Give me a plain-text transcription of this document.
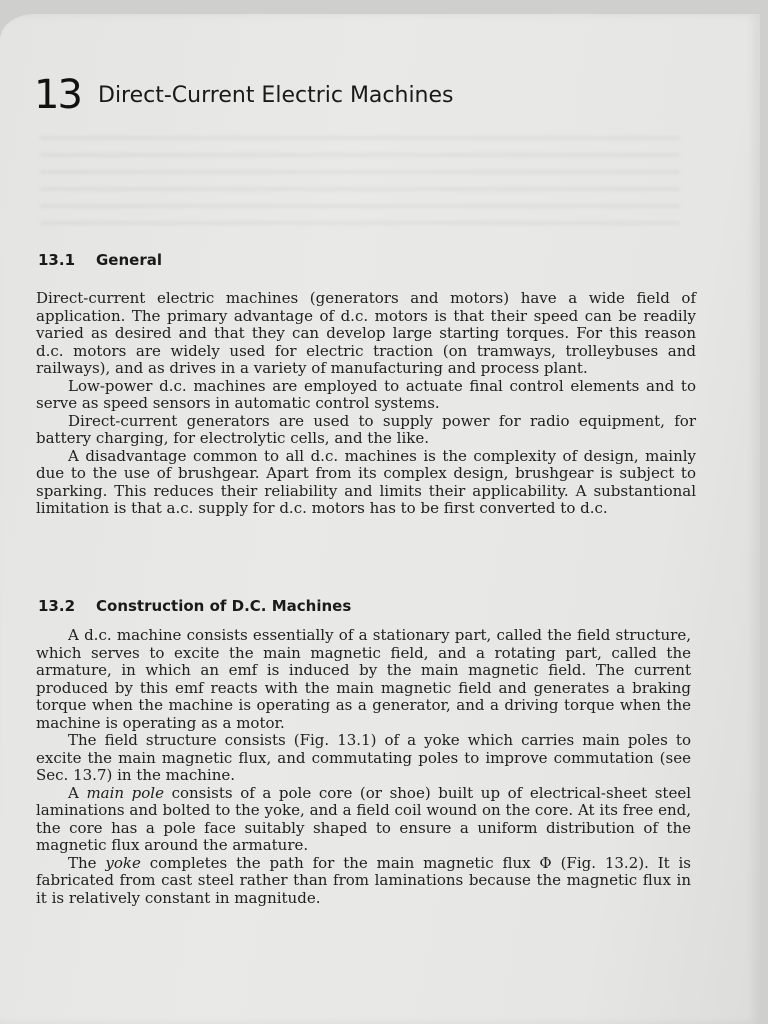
13 Direct-Current Electric Machines
13.1 General

Direct-current electric machines (generators and motors) have a wide field of application. The primary advantage of d.c. motors is that their speed can be readily varied as desired and that they can develop large starting torques. For this reason d.c. motors are widely used for electric traction (on tramways, trolleybuses and railways), and as drives in a variety of manufacturing and process plant.

Low-power d.c. machines are employed to actuate final control elements and to serve as speed sensors in automatic control systems.

Direct-current generators are used to supply power for radio equipment, for battery charging, for electrolytic cells, and the like.

A disadvantage common to all d.c. machines is the complexity of design, mainly due to the use of brushgear. Apart from its complex design, brushgear is subject to sparking. This reduces their reliability and limits their applicability. A substantional limitation is that a.c. supply for d.c. motors has to be first converted to d.c.

13.2 Construction of D.C. Machines

A d.c. machine consists essentially of a stationary part, called the field structure, which serves to excite the main magnetic field, and a rotating part, called the armature, in which an emf is induced by the main magnetic field. The current produced by this emf reacts with the main magnetic field and generates a braking torque when the machine is operating as a generator, and a driving torque when the machine is operating as a motor.

The field structure consists (Fig. 13.1) of a yoke which carries main poles to excite the main magnetic flux, and commutating poles to improve commutation (see Sec. 13.7) in the machine.

A main pole consists of a pole core (or shoe) built up of electrical-sheet steel laminations and bolted to the yoke, and a field coil wound on the core. At its free end, the core has a pole face suitably shaped to ensure a uniform distribution of the magnetic flux around the armature.

The yoke completes the path for the main magnetic flux Φ (Fig. 13.2). It is fabricated from cast steel rather than from laminations because the magnetic flux in it is relatively constant in magnitude.
